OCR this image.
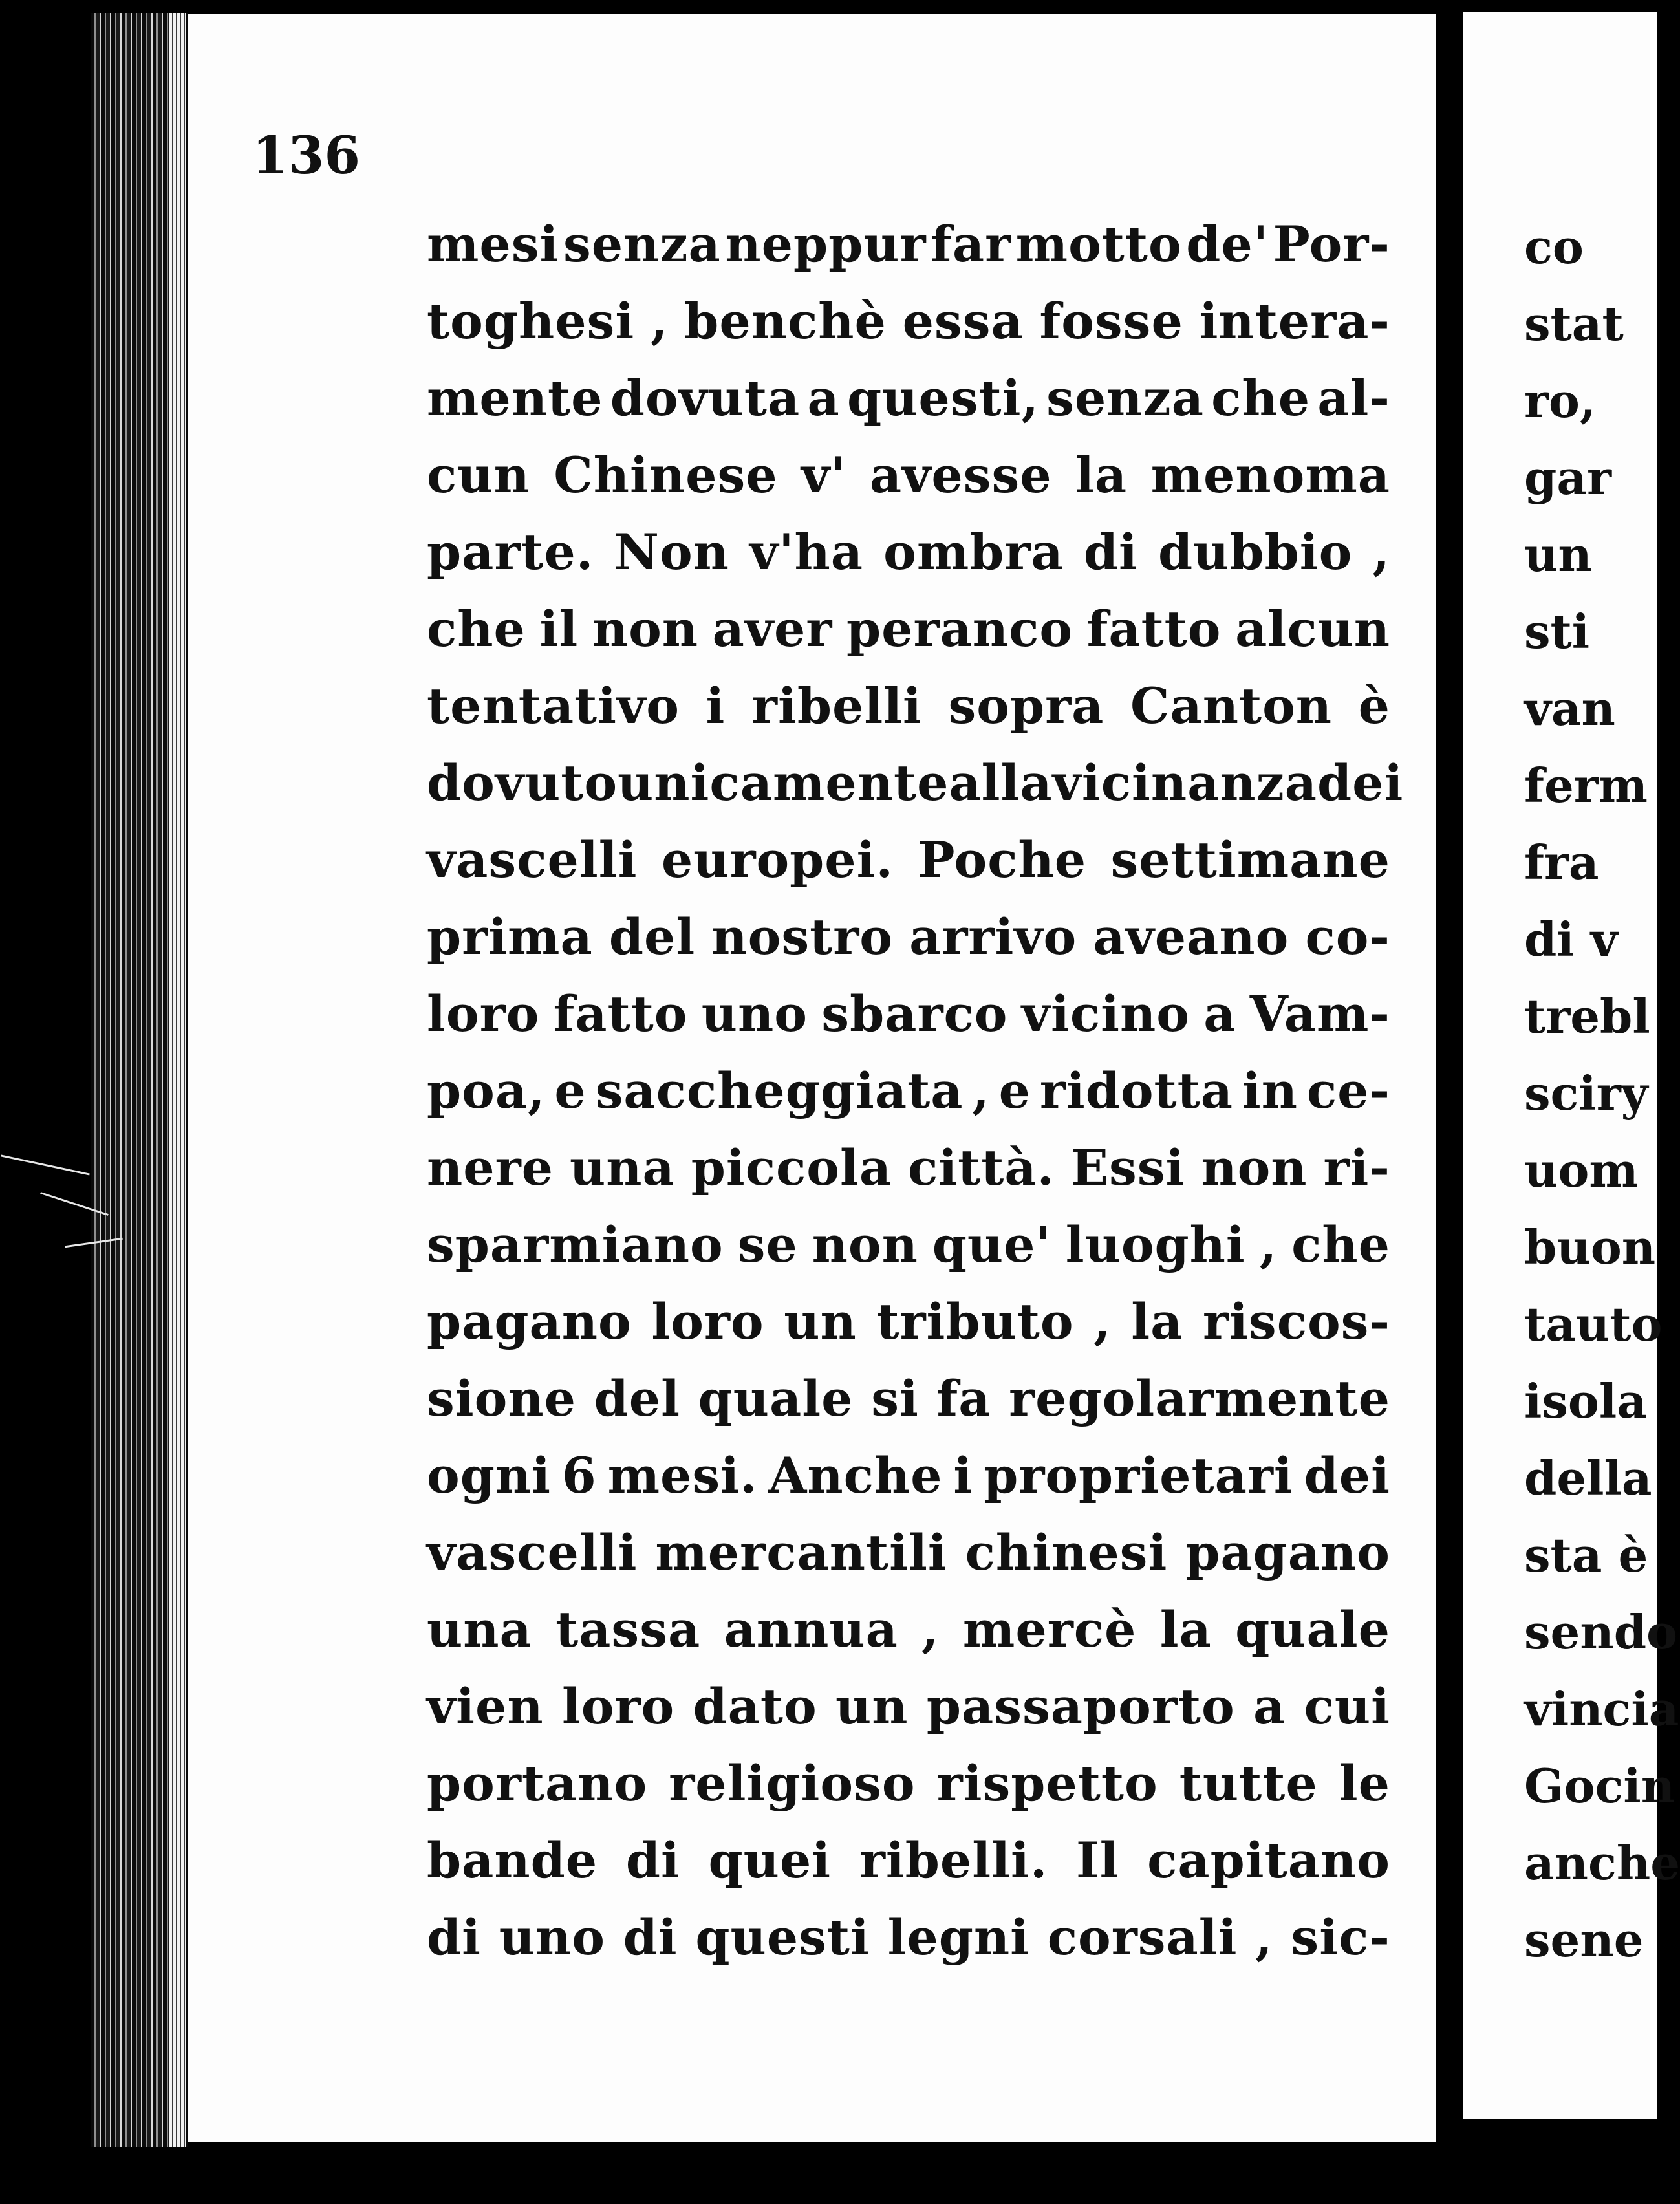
136
mesi senza neppur far motto de' Por-
toghesi , benchè essa fosse intera-
mente dovuta a questi, senza che al-
cun Chinese v' avesse la menoma
parte. Non v'ha ombra di dubbio ,
che il non aver peranco fatto alcun
tentativo i ribelli sopra Canton è
dovuto unicamente alla vicinanza dei
vascelli europei. Poche settimane
prima del nostro arrivo aveano co-
loro fatto uno sbarco vicino a Vam-
poa, e saccheggiata , e ridotta in ce-
nere una piccola città. Essi non ri-
sparmiano se non que' luoghi , che
pagano loro un tributo , la riscos-
sione del quale si fa regolarmente
ogni 6 mesi. Anche i proprietari dei
vascelli mercantili chinesi pagano
una tassa annua , mercè la quale
vien loro dato un passaporto a cui
portano religioso rispetto tutte le
bande di quei ribelli. Il capitano
di uno di questi legni corsali , sic-
co
stat
ro,
gar
un
sti
van
ferm
fra
di v
trebl
sciry
uom
buon
tauto
isola
della
sta è
sendo
vincia
Gocin
anche
sene
